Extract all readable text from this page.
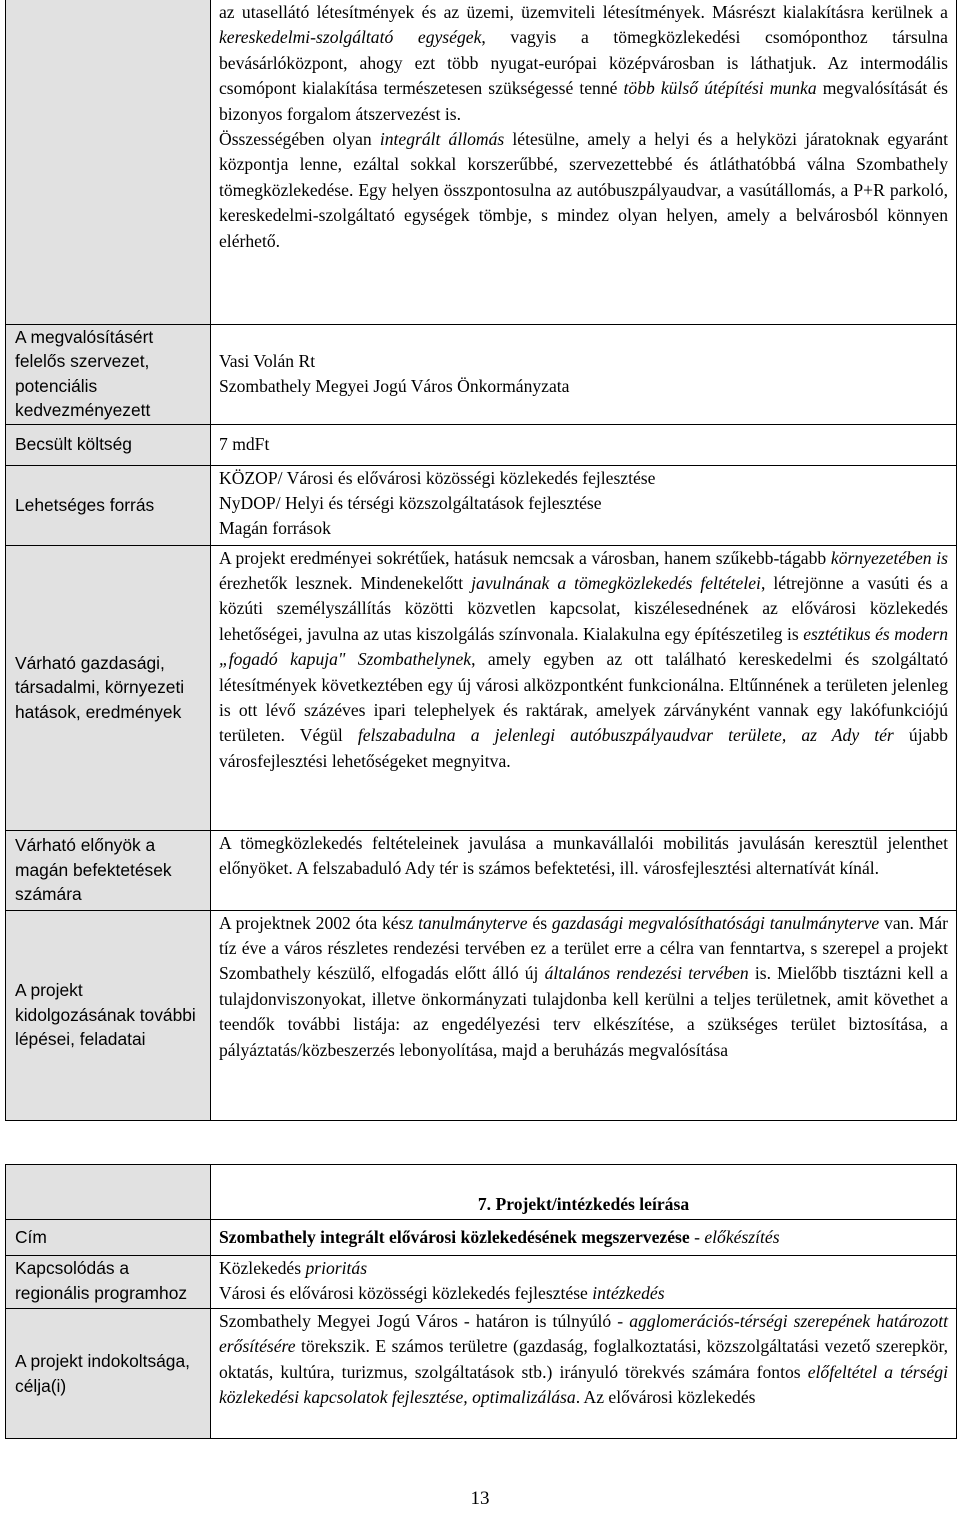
	az utasellátó létesítmények és az üzemi, üzemviteli létesítmények. Másrészt kialakításra kerülnek a kereskedelmi-szolgáltató egységek, vagyis a tömegközlekedési csomóponthoz társulna bevásárlóközpont, ahogy ezt több nyugat-európai középvárosban is láthatjuk. Az intermodális csomópont kialakítása természetesen szükségessé tenné több külső útépítési munka megvalósítását és bizonyos forgalom átszervezést is.
Összességében olyan integrált állomás létesülne, amely a helyi és a helyközi járatoknak egyaránt központja lenne, ezáltal sokkal korszerűbbé, szervezettebbé és átláthatóbbá válna Szombathely tömegközlekedése. Egy helyen összpontosulna az autóbuszpályaudvar, a vasútállomás, a P+R parkoló, kereskedelmi-szolgáltató egységek tömbje, s mindez olyan helyen, amely a belvárosból könnyen elérhető.

A megvalósításért felelős szervezet, potenciális kedvezményezett	Vasi Volán Rt
Szombathely Megyei Jogú Város Önkormányzata

Becsült költség	7 mdFt

Lehetséges forrás	KÖZOP/ Városi és elővárosi közösségi közlekedés fejlesztése
NyDOP/ Helyi és térségi közszolgáltatások fejlesztése
Magán források

Várható gazdasági, társadalmi, környezeti hatások, eredmények	A projekt eredményei sokrétűek, hatásuk nemcsak a városban, hanem szűkebb-tágabb környezetében is érezhetők lesznek. Mindenekelőtt javulnának a tömegközlekedés feltételei, létrejönne a vasúti és a közúti személyszállítás közötti közvetlen kapcsolat, kiszélesednének az elővárosi közlekedés lehetőségei, javulna az utas kiszolgálás színvonala. Kialakulna egy építészetileg is esztétikus és modern „fogadó kapuja" Szombathelynek, amely egyben az ott található kereskedelmi és szolgáltató létesítmények következtében egy új városi alközpontként funkcionálna. Eltűnnének a területen jelenleg is ott lévő százéves ipari telephelyek és raktárak, amelyek zárványként vannak egy lakófunkciójú területen. Végül felszabadulna a jelenlegi autóbuszpályaudvar területe, az Ady tér újabb városfejlesztési lehetőségeket megnyitva.

Várható előnyök a magán befektetések számára	A tömegközlekedés feltételeinek javulása a munkavállalói mobilitás javulásán keresztül jelenthet előnyöket. A felszabaduló Ady tér is számos befektetési, ill. városfejlesztési alternatívát kínál.

A projekt kidolgozásának további lépései, feladatai	A projektnek 2002 óta kész tanulmányterve és gazdasági megvalósíthatósági tanulmányterve van. Már tíz éve a város részletes rendezési tervében ez a terület erre a célra van fenntartva, s szerepel a projekt Szombathely készülő, elfogadás előtt álló új általános rendezési tervében is. Mielőbb tisztázni kell a tulajdonviszonyokat, illetve önkormányzati tulajdonba kell kerülni a teljes területnek, amit követhet a teendők további listája: az engedélyezési terv elkészítése, a szükséges terület biztosítása, a pályáztatás/közbeszerzés lebonyolítása, majd a beruházás megvalósítása

	7. Projekt/intézkedés leírása

Cím	Szombathely integrált elővárosi közlekedésének megszervezése - előkészítés

Kapcsolódás a regionális programhoz	Közlekedés prioritás
Városi és elővárosi közösségi közlekedés fejlesztése intézkedés

A projekt indokoltsága, célja(i)	Szombathely Megyei Jogú Város - határon is túlnyúló - agglomerációs-térségi szerepének határozott erősítésére törekszik. E számos területre (gazdaság, foglalkoztatási, közszolgáltatási vezető szerepkör, oktatás, kultúra, turizmus, szolgáltatások stb.) irányuló törekvés számára fontos előfeltétel a térségi közlekedési kapcsolatok fejlesztése, optimalizálása. Az elővárosi közlekedés
13
